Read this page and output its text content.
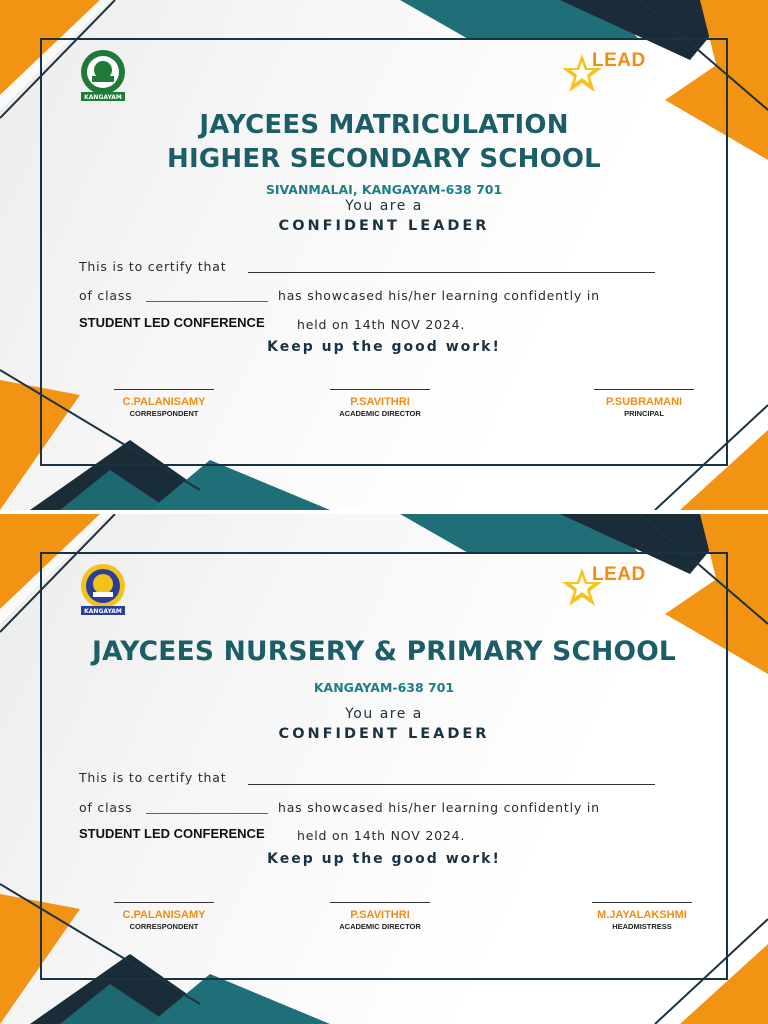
KANGAYAM
LEAD
JAYCEES MATRICULATION
HIGHER SECONDARY SCHOOL
SIVANMALAI, KANGAYAM-638 701
You are a
CONFIDENT LEADER
This is to certify that
of class	has showcased his/her learning confidently in
STUDENT LED CONFERENCE	held on 14th NOV 2024.
Keep up the good work!
C.PALANISAMY
CORRESPONDENT
P.SAVITHRI
ACADEMIC DIRECTOR
P.SUBRAMANI
PRINCIPAL
KANGAYAM
LEAD
JAYCEES NURSERY & PRIMARY SCHOOL
KANGAYAM-638 701
You are a
CONFIDENT LEADER
This is to certify that
of class	has showcased his/her learning confidently in
STUDENT LED CONFERENCE	held on 14th NOV 2024.
Keep up the good work!
C.PALANISAMY
CORRESPONDENT
P.SAVITHRI
ACADEMIC DIRECTOR
M.JAYALAKSHMI
HEADMISTRESS
